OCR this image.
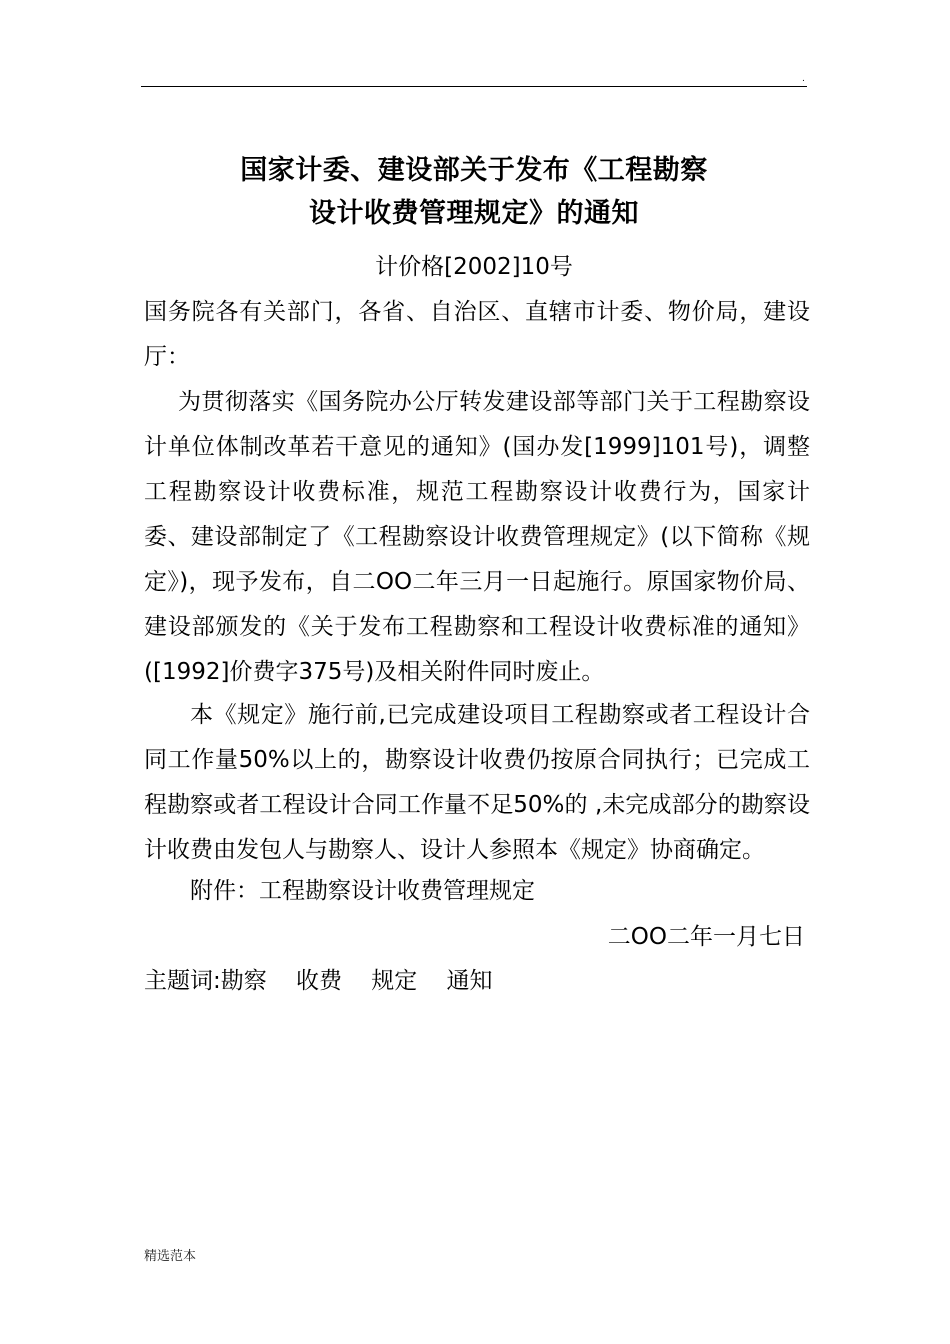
.
国家计委、建设部关于发布《工程勘察
设计收费管理规定》的通知
计价格[2002]10号
国务院各有关部门，各省、自治区、直辖市计委、物价局，建设厅：
为贯彻落实《国务院办公厅转发建设部等部门关于工程勘察设计单位体制改革若干意见的通知》(国办发[1999]101号)，调整工程勘察设计收费标准，规范工程勘察设计收费行为，国家计委、建设部制定了《工程勘察设计收费管理规定》(以下简称《规定》)，现予发布，自二OO二年三月一日起施行。原国家物价局、建设部颁发的《关于发布工程勘察和工程设计收费标准的通知》([1992]价费字375号)及相关附件同时废止。
本《规定》施行前,已完成建设项目工程勘察或者工程设计合同工作量50%以上的，勘察设计收费仍按原合同执行；已完成工程勘察或者工程设计合同工作量不足50%的 ,未完成部分的勘察设计收费由发包人与勘察人、设计人参照本《规定》协商确定。
附件：工程勘察设计收费管理规定
二OO二年一月七日
主题词:勘察    收费    规定    通知
精选范本
